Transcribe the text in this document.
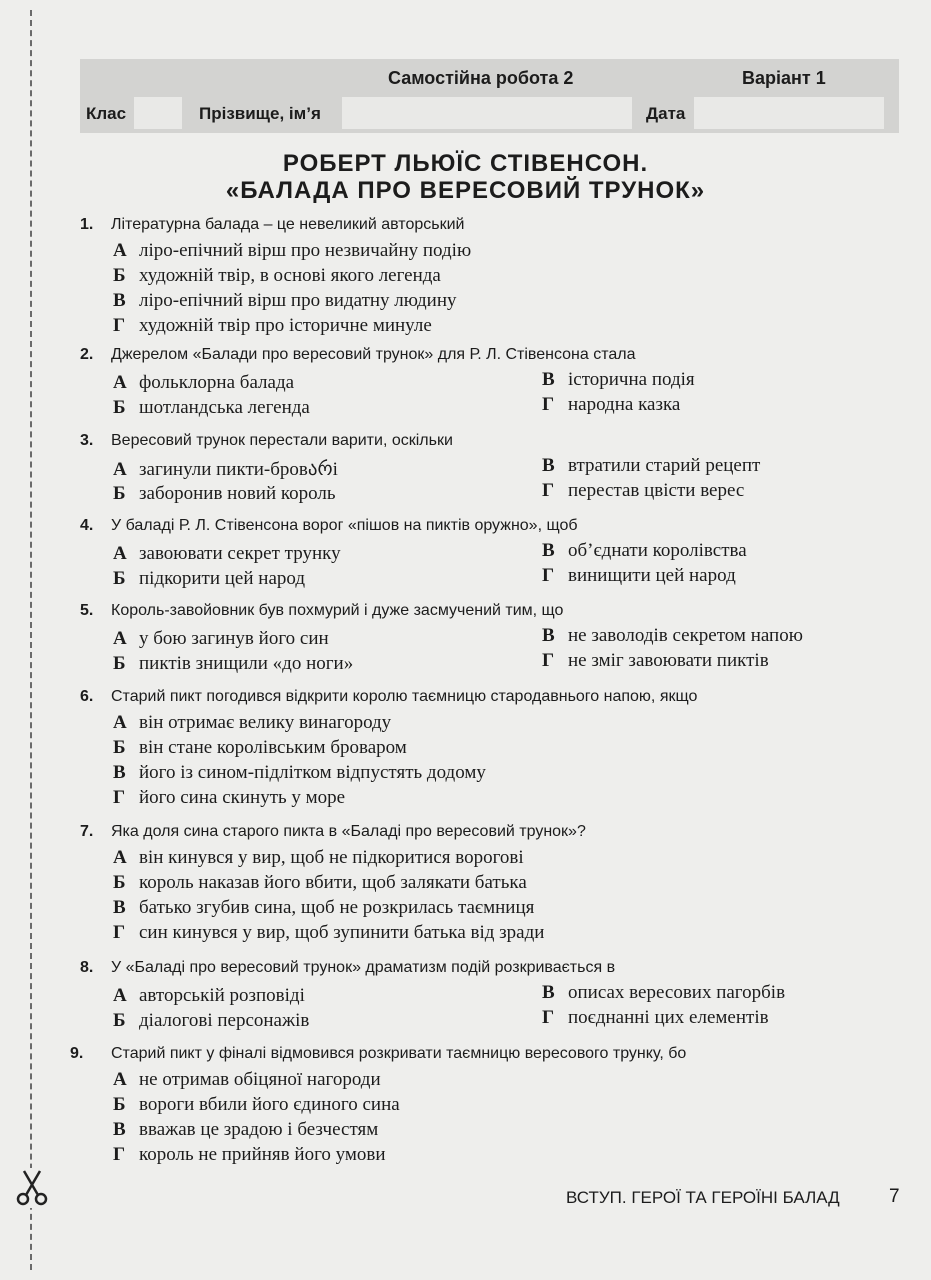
Самостійна робота 2	Варіант 1
Клас	Прізвище, ім’я	Дата
РОБЕРТ ЛЬЮЇС СТІВЕНСОН.
«БАЛАДА ПРО ВЕРЕСОВИЙ ТРУНОК»
1. Літературна балада – це невеликий авторський
А ліро-епічний вірш про незвичайну подію
Б художній твір, в основі якого легенда
В ліро-епічний вірш про видатну людину
Г художній твір про історичне минуле
2. Джерелом «Балади про вересовий трунок» для Р. Л. Стівенсона стала
А фольклорна балада
Б шотландська легенда
В історична подія
Г народна казка
3. Вересовий трунок перестали варити, оскільки
А загинули пикти-бровარі
Б заборонив новий король
В втратили старий рецепт
Г перестав цвісти верес
4. У баладі Р. Л. Стівенсона ворог «пішов на пиктів оружно», щоб
А завоювати секрет трунку
Б підкорити цей народ
В об’єднати королівства
Г винищити цей народ
5. Король-завойовник був похмурий і дуже засмучений тим, що
А у бою загинув його син
Б пиктів знищили «до ноги»
В не заволодів секретом напою
Г не зміг завоювати пиктів
6. Старий пикт погодився відкрити королю таємницю стародавнього напою, якщо
А він отримає велику винагороду
Б він стане королівським броваром
В його із сином-підлітком відпустять додому
Г його сина скинуть у море
7. Яка доля сина старого пикта в «Баладі про вересовий трунок»?
А він кинувся у вир, щоб не підкоритися ворогові
Б король наказав його вбити, щоб залякати батька
В батько згубив сина, щоб не розкрилась таємниця
Г син кинувся у вир, щоб зупинити батька від зради
8. У «Баладі про вересовий трунок» драматизм подій розкривається в
А авторській розповіді
Б діалогові персонажів
В описах вересових пагорбів
Г поєднанні цих елементів
9. Старий пикт у фіналі відмовився розкривати таємницю вересового трунку, бо
А не отримав обіцяної нагороди
Б вороги вбили його єдиного сина
В вважав це зрадою і безчестям
Г король не прийняв його умови
ВСТУП. ГЕРОЇ ТА ГЕРОЇНІ БАЛАД	7
